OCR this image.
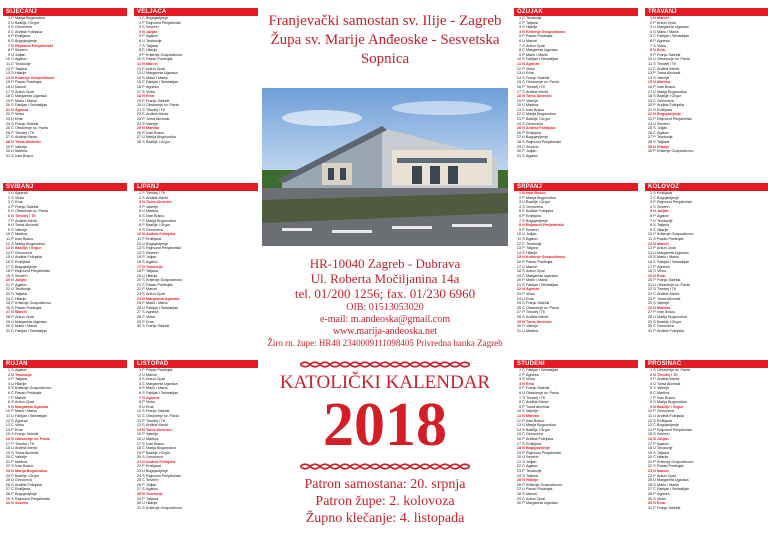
SIJEČANJ
1 P Marija Bogorodica
2 U Bazilije i Grgur
3 S Genoveva
4 Č Anđela Folinjska
5 P Emilijana
6 S Bogojavljenje
7 N Rajmund Penjafortski
8 P Severin
9 U Julijan
10 S Agaton
11 Č Teodozije
12 P Tatjana
13 S Hilarije
14 N Krštenje Gospodinovo
15 P Pavao Pustinjak
16 U Marcel
17 S Antun Opat
18 Č Margareta Ugarska
19 P Mario i Marta
20 S Fabijan i Sebastijan
21 N Agneza
22 P Vinko
23 U Ema
24 S Franjo Saleški
25 Č Obraćenje sv. Pavla
26 P Timotej i Tit
27 S Anđela Merici
28 N Toma Akvinski
29 P Valerije
30 U Martina
31 S Ivan Bosco
VELJAČA
1 Č Bogojavljenje
2 P Rajmund Penjafortski
3 S Severin
4 N Julijan
5 P Agaton
6 U Teodozije
7 S Tatjana
8 Č Hilarije
9 P Krštenje Gospodinovo
10 S Pavao Pustinjak
11 N Marcel
12 P Antun Opat
13 U Margareta Ugarska
14 S Mario i Marta
15 Č Fabijan i Sebastijan
16 P Agneza
17 S Vinko
18 N Ema
19 P Franjo Saleški
20 U Obraćenje sv. Pavla
21 S Timotej i Tit
22 Č Anđela Merici
23 P Toma Akvinski
24 S Valerije
25 N Martina
26 P Ivan Bosco
27 U Marija Bogorodica
28 S Bazilije i Grgur
OŽUJAK
1 Č Teodozije
2 P Tatjana
3 S Hilarije
4 N Krštenje Gospodinovo
5 P Pavao Pustinjak
6 U Marcel
7 S Antun Opat
8 Č Margareta Ugarska
9 P Mario i Marta
10 S Fabijan i Sebastijan
11 N Agneza
12 P Vinko
13 U Ema
14 S Franjo Saleški
15 Č Obraćenje sv. Pavla
16 P Timotej i Tit
17 S Anđela Merici
18 N Toma Akvinski
19 P Valerije
20 U Martina
21 S Ivan Bosco
22 Č Marija Bogorodica
23 P Bazilije i Grgur
24 S Genoveva
25 N Anđela Folinjska
26 P Emilijana
27 U Bogojavljenje
28 S Rajmund Penjafortski
29 Č Severin
30 P Julijan
31 S Agaton
TRAVANJ
1 N Marcel
2 P Antun Opat
3 U Margareta Ugarska
4 S Mario i Marta
5 Č Fabijan i Sebastijan
6 P Agneza
7 S Vinko
8 N Ema
9 P Franjo Saleški
10 U Obraćenje sv. Pavla
11 S Timotej i Tit
12 Č Anđela Merici
13 P Toma Akvinski
14 S Valerije
15 N Martina
16 P Ivan Bosco
17 U Marija Bogorodica
18 S Bazilije i Grgur
19 Č Genoveva
20 P Anđela Folinjska
21 S Emilijana
22 N Bogojavljenje
23 P Rajmund Penjafortski
24 U Severin
25 S Julijan
26 Č Agaton
27 P Teodozije
28 S Tatjana
29 N Hilarije
30 P Krštenje Gospodinovo
SVIBANJ
1 U Agneza
2 S Vinko
3 Č Ema
4 P Franjo Saleški
5 S Obraćenje sv. Pavla
6 N Timotej i Tit
7 P Anđela Merici
8 U Toma Akvinski
9 S Valerije
10 Č Martina
11 P Ivan Bosco
12 S Marija Bogorodica
13 N Bazilije i Grgur
14 P Genoveva
15 U Anđela Folinjska
16 S Emilijana
17 Č Bogojavljenje
18 P Rajmund Penjafortski
19 S Severin
20 N Julijan
21 P Agaton
22 U Teodozije
23 S Tatjana
24 Č Hilarije
25 P Krštenje Gospodinovo
26 S Pavao Pustinjak
27 N Marcel
28 P Antun Opat
29 U Margareta Ugarska
30 S Mario i Marta
31 Č Fabijan i Sebastijan
LIPANJ
1 P Timotej i Tit
2 S Anđela Merici
3 N Toma Akvinski
4 P Valerije
5 U Martina
6 S Ivan Bosco
7 Č Marija Bogorodica
8 P Bazilije i Grgur
9 S Genoveva
10 N Anđela Folinjska
11 P Emilijana
12 U Bogojavljenje
13 S Rajmund Penjafortski
14 Č Severin
15 P Julijan
16 S Agaton
17 N Teodozije
18 P Tatjana
19 U Hilarije
20 S Krštenje Gospodinovo
21 Č Pavao Pustinjak
22 P Marcel
23 S Antun Opat
24 N Margareta Ugarska
25 P Mario i Marta
26 U Fabijan i Sebastijan
27 S Agneza
28 Č Vinko
29 P Ema
30 S Franjo Saleški
SRPANJ
1 N Ivan Bosco
2 P Marija Bogorodica
3 U Bazilije i Grgur
4 S Genoveva
5 Č Anđela Folinjska
6 P Emilijana
7 S Bogojavljenje
8 N Rajmund Penjafortski
9 P Severin
10 U Julijan
11 S Agaton
12 Č Teodozije
13 P Tatjana
14 S Hilarije
15 N Krštenje Gospodinovo
16 P Pavao Pustinjak
17 U Marcel
18 S Antun Opat
19 Č Margareta Ugarska
20 P Mario i Marta
21 S Fabijan i Sebastijan
22 N Agneza
23 P Vinko
24 U Ema
25 S Franjo Saleški
26 Č Obraćenje sv. Pavla
27 P Timotej i Tit
28 S Anđela Merici
29 N Toma Akvinski
30 P Valerije
31 U Martina
KOLOVOZ
1 S Emilijana
2 Č Bogojavljenje
3 P Rajmund Penjafortski
4 S Severin
5 N Julijan
6 P Agaton
7 U Teodozije
8 S Tatjana
9 Č Hilarije
10 P Krštenje Gospodinovo
11 S Pavao Pustinjak
12 N Marcel
13 P Antun Opat
14 U Margareta Ugarska
15 S Mario i Marta
16 Č Fabijan i Sebastijan
17 P Agneza
18 S Vinko
19 N Ema
20 P Franjo Saleški
21 U Obraćenje sv. Pavla
22 S Timotej i Tit
23 Č Anđela Merici
24 P Toma Akvinski
25 S Valerije
26 N Martina
27 P Ivan Bosco
28 U Marija Bogorodica
29 S Bazilije i Grgur
30 Č Genoveva
31 P Anđela Folinjska
RUJAN
1 S Agaton
2 N Teodozije
3 P Tatjana
4 U Hilarije
5 S Krštenje Gospodinovo
6 Č Pavao Pustinjak
7 P Marcel
8 S Antun Opat
9 N Margareta Ugarska
10 P Mario i Marta
11 U Fabijan i Sebastijan
12 S Agneza
13 Č Vinko
14 P Ema
15 S Franjo Saleški
16 N Obraćenje sv. Pavla
17 P Timotej i Tit
18 U Anđela Merici
19 S Toma Akvinski
20 Č Valerije
21 P Martina
22 S Ivan Bosco
23 N Marija Bogorodica
24 P Bazilije i Grgur
25 U Genoveva
26 S Anđela Folinjska
27 Č Emilijana
28 P Bogojavljenje
29 S Rajmund Penjafortski
30 N Severin
LISTOPAD
1 P Pavao Pustinjak
2 U Marcel
3 S Antun Opat
4 Č Margareta Ugarska
5 P Mario i Marta
6 S Fabijan i Sebastijan
7 N Agneza
8 P Vinko
9 U Ema
10 S Franjo Saleški
11 Č Obraćenje sv. Pavla
12 P Timotej i Tit
13 S Anđela Merici
14 N Toma Akvinski
15 P Valerije
16 U Martina
17 S Ivan Bosco
18 Č Marija Bogorodica
19 P Bazilije i Grgur
20 S Genoveva
21 N Anđela Folinjska
22 P Emilijana
23 U Bogojavljenje
24 S Rajmund Penjafortski
25 Č Severin
26 P Julijan
27 S Agaton
28 N Teodozije
29 P Tatjana
30 U Hilarije
31 S Krštenje Gospodinovo
STUDENI
1 Č Fabijan i Sebastijan
2 P Agneza
3 S Vinko
4 N Ema
5 P Franjo Saleški
6 U Obraćenje sv. Pavla
7 S Timotej i Tit
8 Č Anđela Merici
9 P Toma Akvinski
10 S Valerije
11 N Martina
12 P Ivan Bosco
13 U Marija Bogorodica
14 S Bazilije i Grgur
15 Č Genoveva
16 P Anđela Folinjska
17 S Emilijana
18 N Bogojavljenje
19 P Rajmund Penjafortski
20 U Severin
21 S Julijan
22 Č Agaton
23 P Teodozije
24 S Tatjana
25 N Hilarije
26 P Krštenje Gospodinovo
27 U Pavao Pustinjak
28 S Marcel
29 Č Antun Opat
30 P Margareta Ugarska
PROSINAC
1 S Obraćenje sv. Pavla
2 N Timotej i Tit
3 P Anđela Merici
4 U Toma Akvinski
5 S Valerije
6 Č Martina
7 P Ivan Bosco
8 S Marija Bogorodica
9 N Bazilije i Grgur
10 P Genoveva
11 U Anđela Folinjska
12 S Emilijana
13 Č Bogojavljenje
14 P Rajmund Penjafortski
15 S Severin
16 N Julijan
17 P Agaton
18 U Teodozije
19 S Tatjana
20 Č Hilarije
21 P Krštenje Gospodinovo
22 S Pavao Pustinjak
23 N Marcel
24 P Antun Opat
25 U Margareta Ugarska
26 S Mario i Marta
27 Č Fabijan i Sebastijan
28 P Agneza
29 S Vinko
30 N Ema
31 P Franjo Saleški
Franjevački samostan sv. Ilije - Zagreb
Župa sv. Marije Anđeoske - Sesvetska Sopnica
HR-10040 Zagreb - Dubrava
Ul. Roberta Močiljanina 14a
tel. 01/200 1256; fax. 01/230 6960
OIB: 01513053020
e-mail: m.andeoska@gmail.com
www.marija-andeoska.net
Žiro rn. župe: HR48 2340009111098405 Privredna banka Zagreb
KATOLIČKI KALENDAR
2018
Patron samostana: 20. srpnja
Patron župe: 2. kolovoza
Župno klečanje: 4. listopada
